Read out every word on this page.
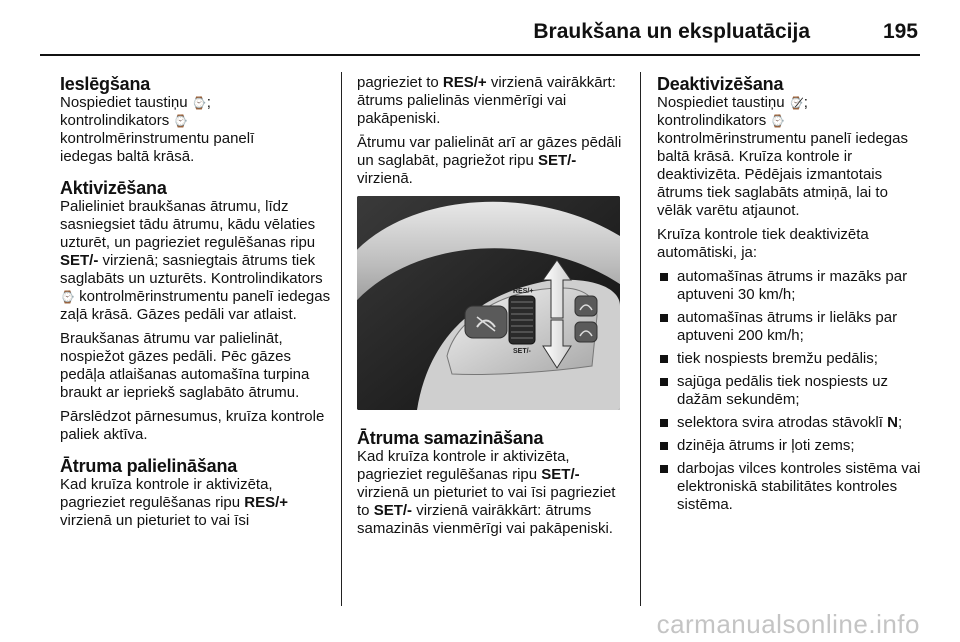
Braukšana un ekspluatācija	195
Ieslēgšana

Nospiediet taustiņu ⌚;
kontrolindikators ⌚
kontrolmērinstrumentu panelī
iedegas baltā krāsā.

Aktivizēšana

Palieliniet braukšanas ātrumu, līdz sasniegsiet tādu ātrumu, kādu vēlaties uzturēt, un pagrieziet regulēšanas ripu SET/- virzienā; sasniegtais ātrums tiek saglabāts un uzturēts. Kontrolindikators ⌚ kontrolmērinstrumentu panelī iedegas zaļā krāsā. Gāzes pedāli var atlaist.

Braukšanas ātrumu var palielināt, nospiežot gāzes pedāli. Pēc gāzes pedāļa atlaišanas automašīna turpina braukt ar iepriekš saglabāto ātrumu.

Pārslēdzot pārnesumus, kruīza kontrole paliek aktīva.

Ātruma palielināšana

Kad kruīza kontrole ir aktivizēta, pagrieziet regulēšanas ripu RES/+ virzienā un pieturiet to vai īsi

pagrieziet to RES/+ virzienā vairākkārt: ātrums palielinās vienmērīgi vai pakāpeniski.

Ātrumu var palielināt arī ar gāzes pēdāli un saglabāt, pagriežot ripu SET/- virzienā.

RES/+
SET/-
Ātruma samazināšana

Kad kruīza kontrole ir aktivizēta, pagrieziet regulēšanas ripu SET/- virzienā un pieturiet to vai īsi pagrieziet to SET/- virzienā vairākkārt: ātrums samazinās vienmērīgi vai pakāpeniski.

Deaktivizēšana

Nospiediet taustiņu ⌚̸;
kontrolindikators ⌚
kontrolmērinstrumentu panelī iedegas baltā krāsā. Kruīza kontrole ir deaktivizēta. Pēdējais izmantotais ātrums tiek saglabāts atmiņā, lai to vēlāk varētu atjaunot.

Kruīza kontrole tiek deaktivizēta automātiski, ja:

automašīnas ātrums ir mazāks par aptuveni 30 km/h;
automašīnas ātrums ir lielāks par aptuveni 200 km/h;
tiek nospiests bremžu pedālis;
sajūga pedālis tiek nospiests uz dažām sekundēm;
selektora svira atrodas stāvoklī N;
dzinēja ātrums ir ļoti zems;
darbojas vilces kontroles sistēma vai elektroniskā stabilitātes kontroles sistēma.
carmanualsonline.info
